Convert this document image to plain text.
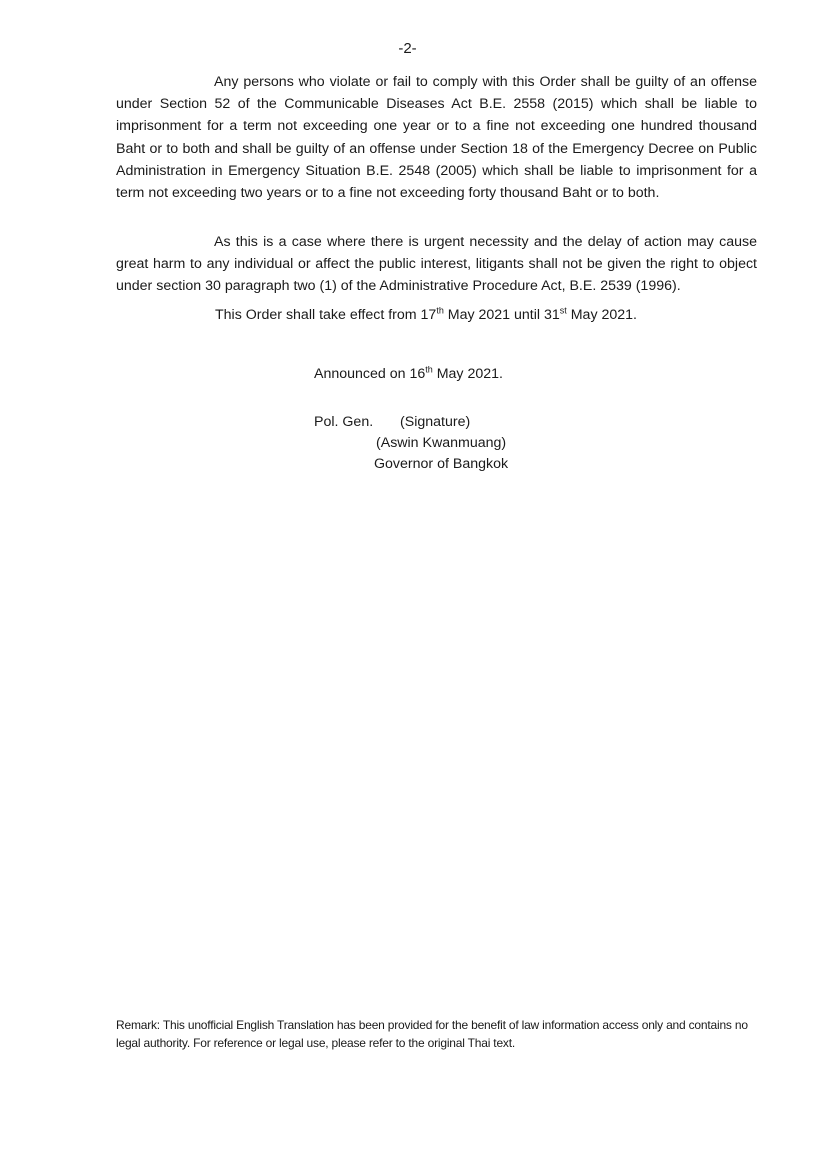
-2-

Any persons who violate or fail to comply with this Order shall be guilty of an offense under Section 52 of the Communicable Diseases Act B.E. 2558 (2015) which shall be liable to imprisonment for a term not exceeding one year or to a fine not exceeding one hundred thousand Baht or to both and shall be guilty of an offense under Section 18 of the Emergency Decree on Public Administration in Emergency Situation B.E. 2548 (2005) which shall be liable to imprisonment for a term not exceeding two years or to a fine not exceeding forty thousand Baht or to both.

As this is a case where there is urgent necessity and the delay of action may cause great harm to any individual or affect the public interest, litigants shall not be given the right to object under section 30 paragraph two (1) of the Administrative Procedure Act, B.E. 2539 (1996).

This Order shall take effect from 17th May 2021 until 31st May 2021.
Announced on 16th May 2021.
Pol. Gen. (Signature)
(Aswin Kwanmuang)
Governor of Bangkok
Remark: This unofficial English Translation has been provided for the benefit of law information access only and contains no legal authority. For reference or legal use, please refer to the original Thai text.
